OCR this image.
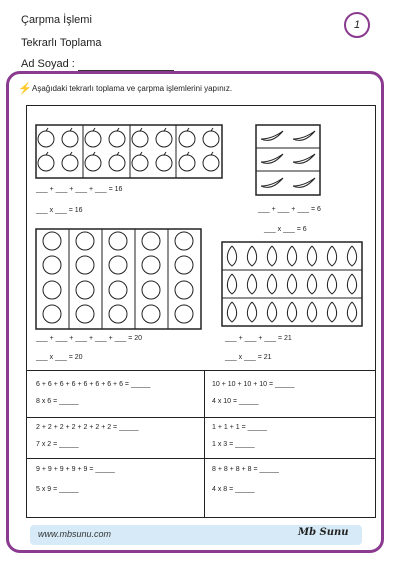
Çarpma İşlemi
Tekrarlı Toplama
Ad Soyad :
1
⚡ Aşağıdaki tekrarlı toplama ve çarpma işlemlerini yapınız.
___ + ___ + ___ + ___ = 16
___ x ___ = 16	___ + ___ + ___ = 6
___ x ___ = 6
___ + ___ + ___ + ___ + ___ = 20
___ x ___ = 20
___ + ___ + ___ = 21
___ x ___ = 21
6 + 6 + 6 + 6 + 6 + 6 + 6 + 6 = _____
8 x 6 = _____
10 + 10 + 10 + 10 = _____
4 x 10 = _____
2 + 2 + 2 + 2 + 2 + 2 + 2 = _____
7 x 2 = _____
1 + 1 + 1 = _____
1 x 3 = _____
9 + 9 + 9 + 9 + 9 = _____
5 x 9 = _____
8 + 8 + 8 + 8 = _____
4 x 8 = _____
www.mbsunu.com	Mb Sunu
